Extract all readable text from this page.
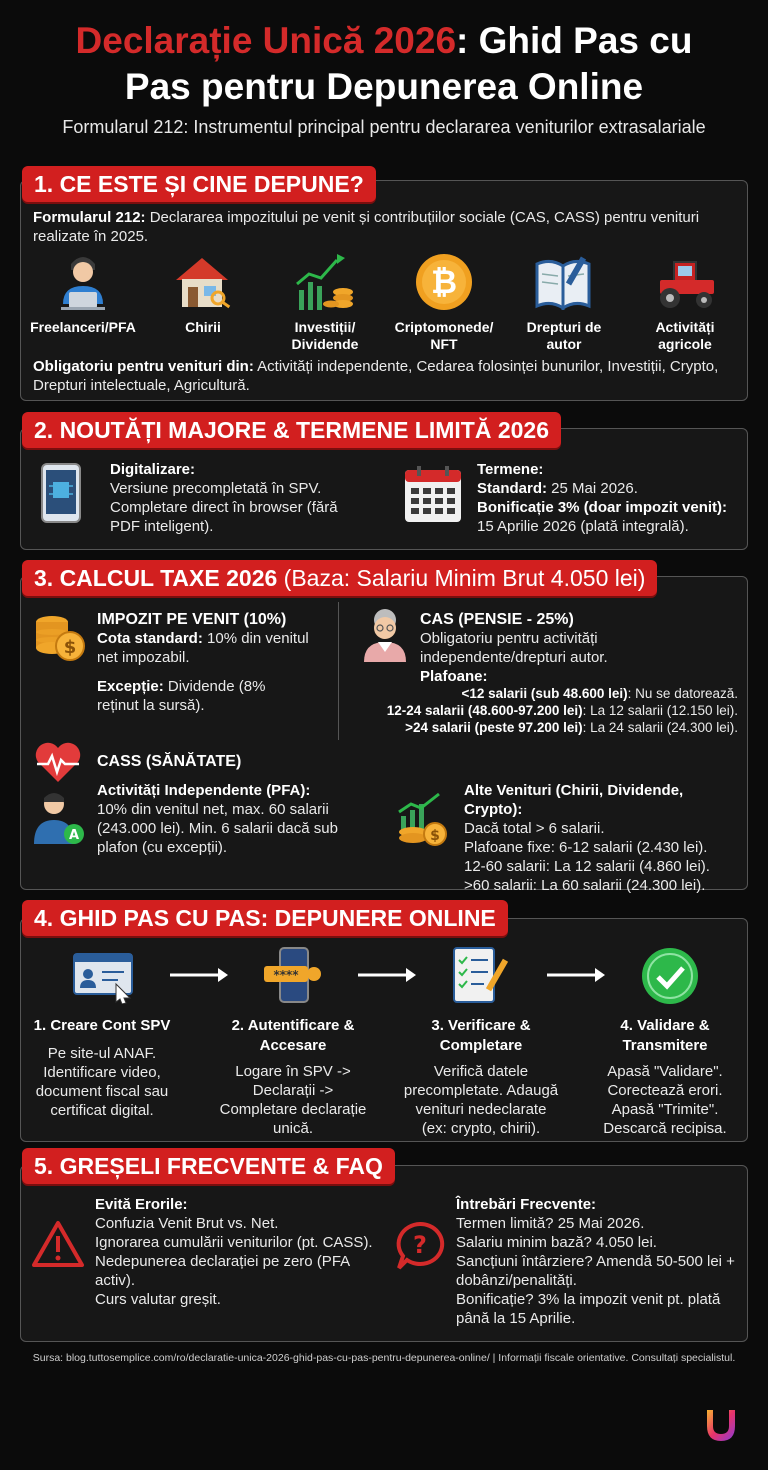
Declarație Unică 2026: Ghid Pas cu
Pas pentru Depunerea Online
Formularul 212: Instrumentul principal pentru declararea veniturilor extrasalariale
1. CE ESTE ȘI CINE DEPUNE?
Formularul 212: Declararea impozitului pe venit și contribuțiilor sociale (CAS, CASS) pentru venituri realizate în 2025.
₿
Freelanceri/PFA	Chirii	Investiții/
Dividende
Criptomonede/
NFT
Drepturi de
autor
Activități
agricole
Obligatoriu pentru venituri din: Activități independente, Cedarea folosinței bunurilor, Investiții, Crypto, Drepturi intelectuale, Agricultură.
2. NOUTĂȚI MAJORE & TERMENE LIMITĂ 2026
Digitalizare:
Versiune precompletată în SPV.
Completare direct în browser (fără
PDF inteligent).
Termene:
Standard: 25 Mai 2026.
Bonificație 3% (doar impozit venit):
15 Aprilie 2026 (plată integrală).
3. CALCUL TAXE 2026 (Baza: Salariu Minim Brut 4.050 lei)
$
IMPOZIT PE VENIT (10%)
Cota standard: 10% din venitul
net impozabil.
Excepție: Dividende (8%
reținut la sursă).
CAS (PENSIE - 25%)
Obligatoriu pentru activități
independente/drepturi autor.
Plafoane:
<12 salarii (sub 48.600 lei): Nu se datorează.
12-24 salarii (48.600-97.200 lei): La 12 salarii (12.150 lei).
>24 salarii (peste 97.200 lei): La 24 salarii (24.300 lei).
CASS (SĂNĂTATE)
A
Activități Independente (PFA):
10% din venitul net, max. 60 salarii
(243.000 lei). Min. 6 salarii dacă sub
plafon (cu excepții).
$
Alte Venituri (Chirii, Dividende, Crypto):
Dacă total > 6 salarii.
Plafoane fixe: 6-12 salarii (2.430 lei).
12-60 salarii: La 12 salarii (4.860 lei).
>60 salarii: La 60 salarii (24.300 lei).
4. GHID PAS CU PAS: DEPUNERE ONLINE
****
1. Creare Cont SPV
Pe site-ul ANAF.
Identificare video,
document fiscal sau
certificat digital.
2. Autentificare &
Accesare
Logare în SPV ->
Declarații ->
Completare declarație
unică.
3. Verificare &
Completare
Verifică datele
precompletate. Adaugă
venituri nedeclarate
(ex: crypto, chirii).
4. Validare &
Transmitere
Apasă "Validare".
Corectează erori.
Apasă "Trimite".
Descarcă recipisa.
5. GREȘELI FRECVENTE & FAQ
Evită Erorile:
Confuzia Venit Brut vs. Net.
Ignorarea cumulării veniturilor (pt. CASS).
Nedepunerea declarației pe zero (PFA
activ).
Curs valutar greșit.
?
Întrebări Frecvente:
Termen limită? 25 Mai 2026.
Salariu minim bază? 4.050 lei.
Sancțiuni întârziere? Amendă 50-500 lei +
dobânzi/penalități.
Bonificație? 3% la impozit venit pt. plată
până la 15 Aprilie.
Sursa: blog.tuttosemplice.com/ro/declaratie-unica-2026-ghid-pas-cu-pas-pentru-depunerea-online/ | Informații fiscale orientative. Consultați specialistul.
